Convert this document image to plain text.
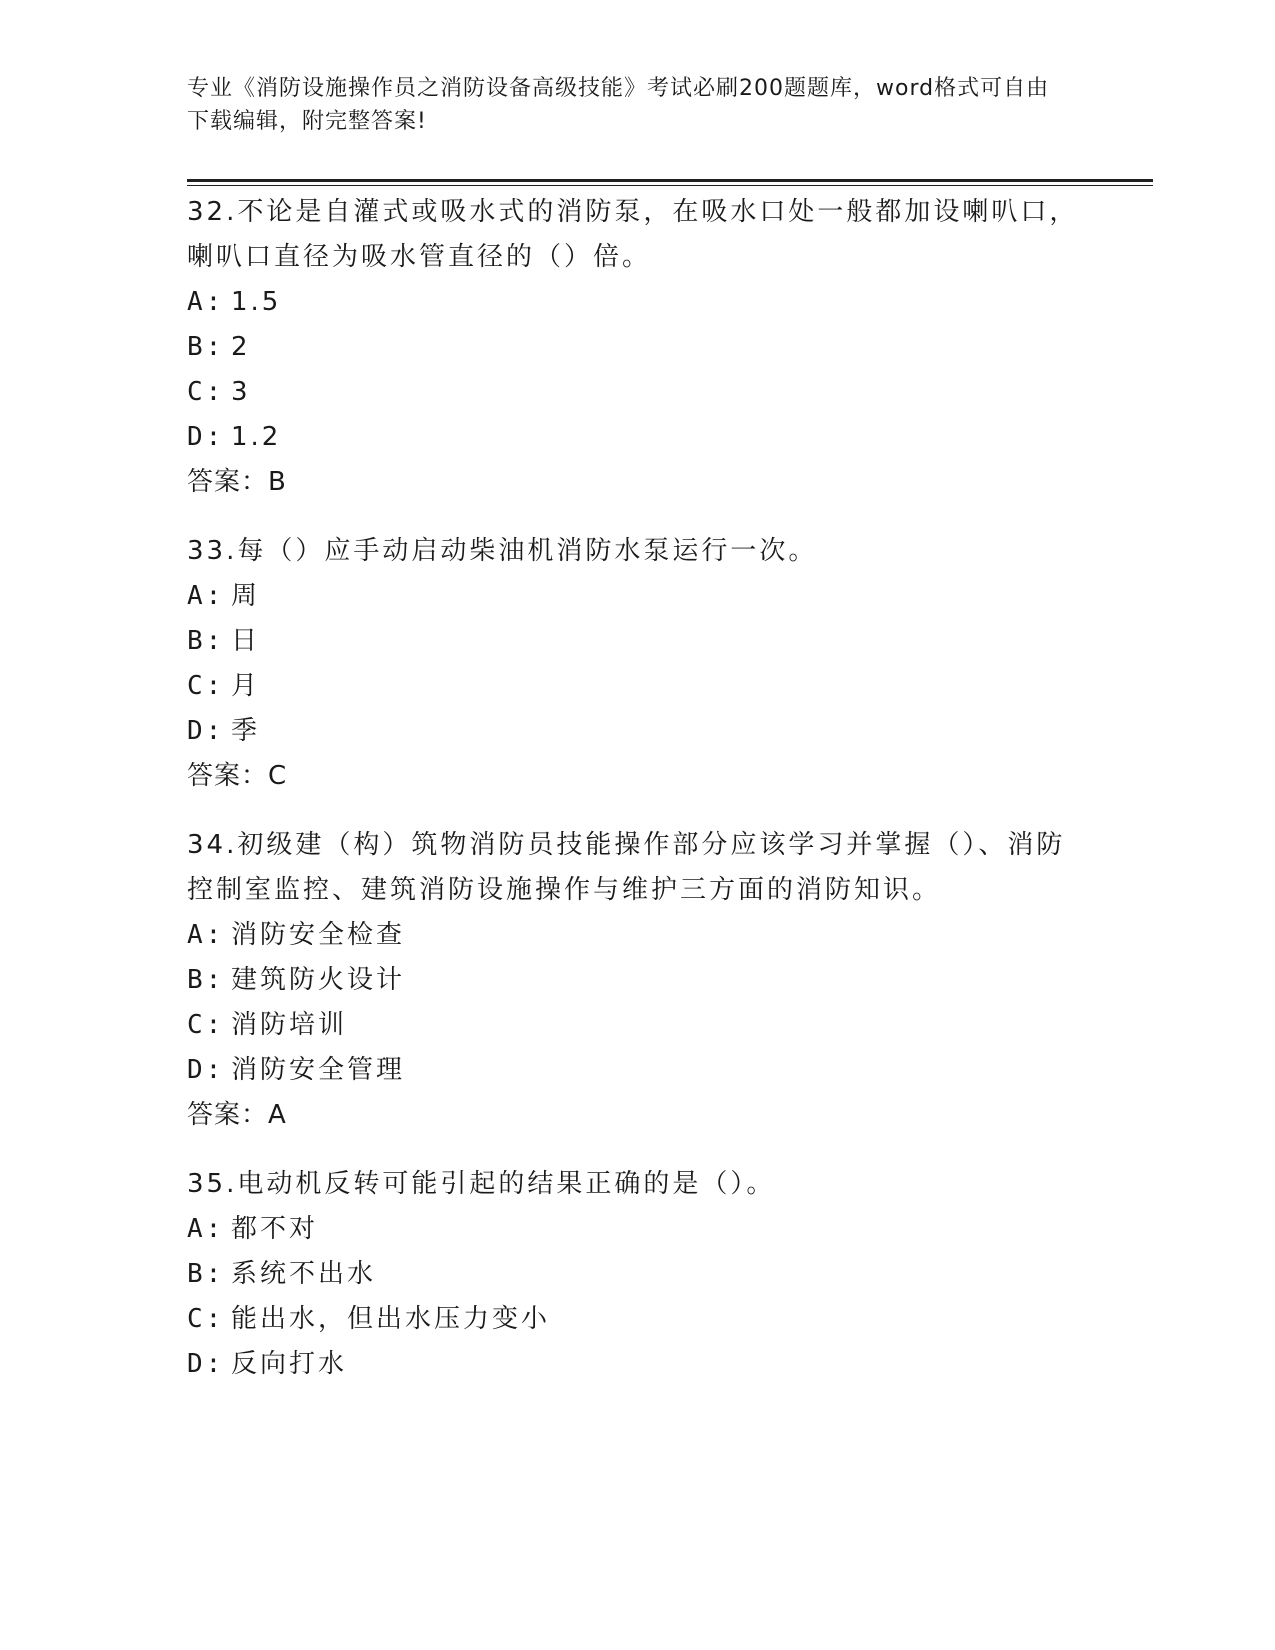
专业《消防设施操作员之消防设备高级技能》考试必刷200题题库，word格式可自由下载编辑，附完整答案!

32.不论是自灌式或吸水式的消防泵，在吸水口处一般都加设喇叭口，喇叭口直径为吸水管直径的（）倍。

A: 1.5
B: 2
C: 3
D: 1.2

答案：B

33.每（）应手动启动柴油机消防水泵运行一次。

A: 周
B: 日
C: 月
D: 季

答案：C

34.初级建（构）筑物消防员技能操作部分应该学习并掌握（）、消防控制室监控、建筑消防设施操作与维护三方面的消防知识。

A: 消防安全检查
B: 建筑防火设计
C: 消防培训
D: 消防安全管理

答案：A

35.电动机反转可能引起的结果正确的是（）。

A: 都不对
B: 系统不出水
C: 能出水，但出水压力变小
D: 反向打水
